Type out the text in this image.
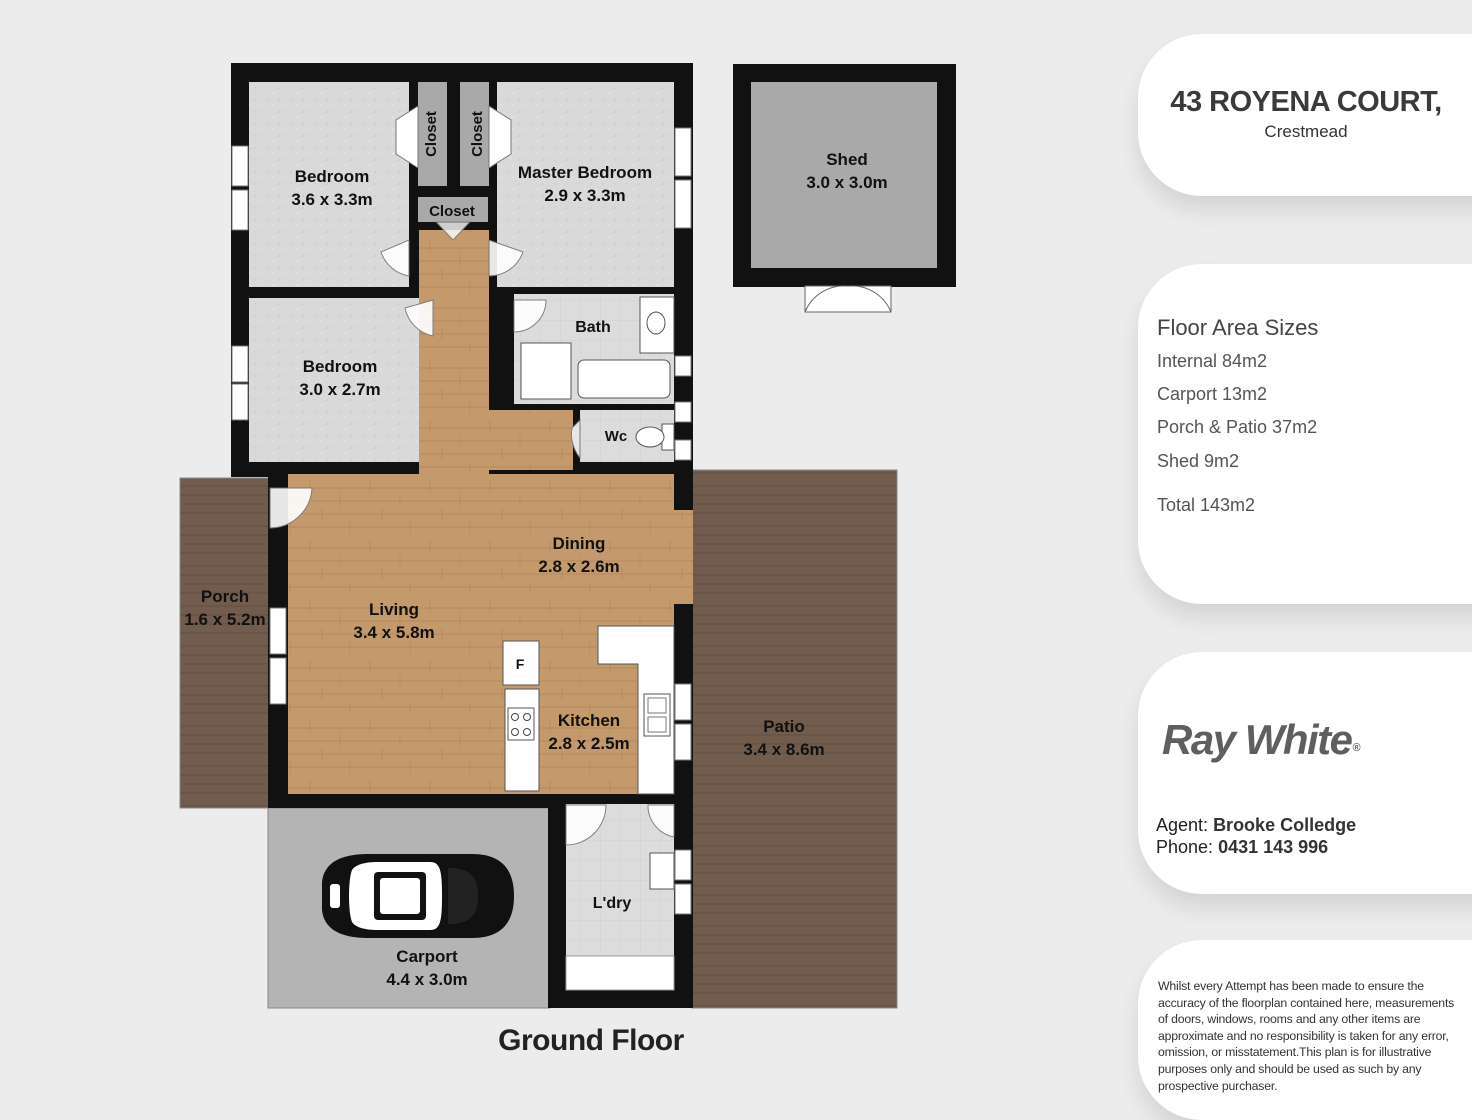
Bedroom
3.6 x 3.3m
Master Bedroom
2.9 x 3.3m
Bedroom
3.0 x 2.7m
Closet Closet
Closet
Bath
Wc
Dining
2.8 x 2.6m
Living
3.4 x 5.8m
F
Kitchen
2.8 x 2.5m
Porch
1.6 x 5.2m
Patio
3.4 x 8.6m
L'dry
Carport
4.4 x 3.0m
Shed
3.0 x 3.0m
Ground Floor
43 ROYENA COURT,
Crestmead
Floor Area Sizes
Internal 84m2
Carport 13m2
Porch & Patio 37m2
Shed 9m2
Total 143m2
Ray White®
Agent: Brooke Colledge
Phone: 0431 143 996
Whilst every Attempt has been made to ensure the accuracy of the floorplan contained here, measurements of doors, windows, rooms and any other items are approximate and no responsibility is taken for any error, omission, or misstatement.This plan is for illustrative purposes only and should be used as such by any prospective purchaser.
